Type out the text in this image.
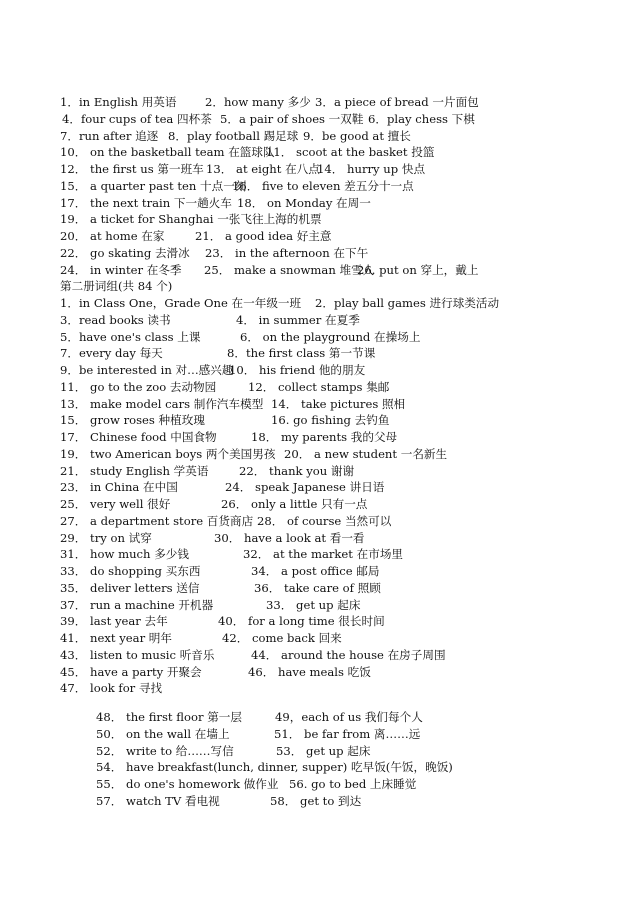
1．in English 用英语 2．how many 多少 3．a piece of bread 一片面包
4．four cups of tea 四杯茶 5．a pair of shoes 一双鞋 6．play chess 下棋
7．run after 追逐 8．play football 踢足球 9．be good at 擅长
10． on the basketball team 在篮球队
11． scoot at the basket 投篮
12． the first us 第一班车 13． at eight 在八点
14． hurry up 快点
15． a quarter past ten 十点一刻
16． five to eleven 差五分十一点
17． the next train 下一趟火车 18． on Monday 在周一
19． a ticket for Shanghai 一张飞往上海的机票
20． at home 在家	21． a good idea 好主意
22． go skating 去滑冰 23． in the afternoon 在下午
24． in winter 在冬季 25． make a snowman 堆雪人
26. put on 穿上，戴上
第二册词组(共 84 个)
1．in Class One，Grade One 在一年级一班 2．play ball games 进行球类活动
3．read books 读书	4． in summer 在夏季
5．have one's class 上课	6． on the playground 在操场上
7．every day 每天	8．the first class 第一节课
9．be interested in 对…感兴趣
10． his friend 他的朋友
11． go to the zoo 去动物园	12． collect stamps 集邮
13． make model cars 制作汽车模型 14． take pictures 照相
15． grow roses 种植玫瑰	16. go fishing 去钓鱼
17． Chinese food 中国食物	18． my parents 我的父母
19． two American boys 两个美国男孩 20． a new student 一名新生
21． study English 学英语	22． thank you 谢谢
23． in China 在中国	24． speak Japanese 讲日语
25． very well 很好	26． only a little 只有一点
27． a department store 百货商店 28． of course 当然可以
29． try on 试穿	30． have a look at 看一看
31． how much 多少钱	32． at the market 在市场里
33． do shopping 买东西	34． a post office 邮局
35． deliver letters 送信	36． take care of 照顾
37． run a machine 开机器	33． get up 起床
39． last year 去年	40． for a long time 很长时间
41． next year 明年	42． come back 回来
43． listen to music 听音乐	44． around the house 在房子周围
45． have a party 开聚会	46． have meals 吃饭
47． look for 寻找
48． the first floor 第一层	49，each of us 我们每个人
50． on the wall 在墙上	51． be far from 离……远
52． write to 给……写信	53． get up 起床
54． have breakfast(lunch, dinner, supper) 吃早饭(午饭，晚饭)
55． do one's homework 做作业 56. go to bed 上床睡觉
57． watch TV 看电视	58． get to 到达
